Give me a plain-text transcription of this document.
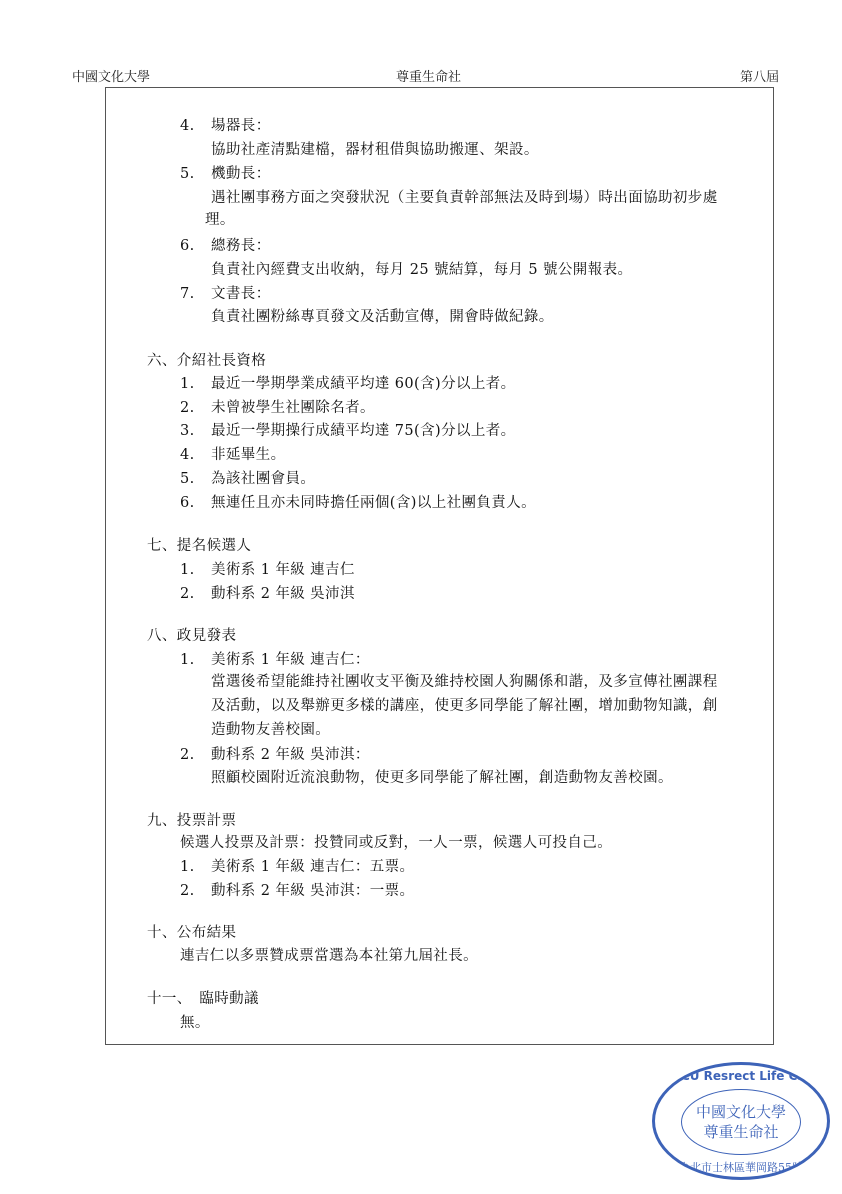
中國文化大學	尊重生命社	第八屆
4. 場器長：
協助社產清點建檔，器材租借與協助搬運、架設。
5. 機動長：
遇社團事務方面之突發狀況（主要負責幹部無法及時到場）時出面協助初步處
理。
6. 總務長：
負責社內經費支出收納，每月 25 號結算，每月 5 號公開報表。
7. 文書長：
負責社團粉絲專頁發文及活動宣傳，開會時做紀錄。
六、介紹社長資格
1. 最近一學期學業成績平均達 60(含)分以上者。
2. 未曾被學生社團除名者。
3. 最近一學期操行成績平均達 75(含)分以上者。
4. 非延畢生。
5. 為該社團會員。
6. 無連任且亦未同時擔任兩個(含)以上社團負責人。
七、提名候選人
1. 美術系 1 年級 連吉仁
2. 動科系 2 年級 吳沛淇
八、政見發表
1. 美術系 1 年級 連吉仁：
當選後希望能維持社團收支平衡及維持校園人狗關係和諧，及多宣傳社團課程
及活動，以及舉辦更多樣的講座，使更多同學能了解社團，增加動物知識，創
造動物友善校園。
2. 動科系 2 年級 吳沛淇：
照顧校園附近流浪動物，使更多同學能了解社團，創造動物友善校園。
九、投票計票
候選人投票及計票：投贊同或反對，一人一票，候選人可投自己。
1. 美術系 1 年級 連吉仁：五票。
2. 動科系 2 年級 吳沛淇：一票。
十、公布結果
連吉仁以多票贊成票當選為本社第九屆社長。
十一、　臨時動議
無。
PCCU Resrect Life Club
中國文化大學
尊重生命社
台北市士林區華岡路55號
